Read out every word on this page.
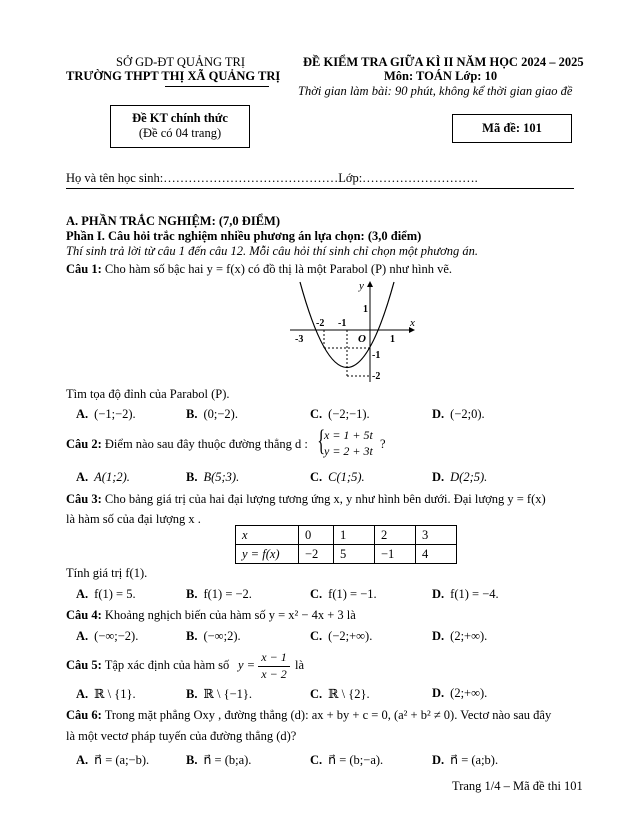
SỞ GD-ĐT QUẢNG TRỊ
TRƯỜNG THPT THỊ XÃ QUẢNG TRỊ
ĐỀ KIỂM TRA GIỮA KÌ II NĂM HỌC 2024 – 2025
Môn: TOÁN Lớp: 10
Thời gian làm bài: 90 phút, không kể thời gian giao đề
Đề KT chính thức
(Đề có 04 trang)	Mã đề: 101
Họ và tên học sinh:……………………………………Lớp:……………………….
A. PHẦN TRẮC NGHIỆM: (7,0 ĐIỂM)
Phần I. Câu hỏi trắc nghiệm nhiều phương án lựa chọn: (3,0 điểm)
Thí sinh trả lời từ câu 1 đến câu 12. Mỗi câu hỏi thí sinh chỉ chọn một phương án.
Câu 1: Cho hàm số bậc hai y = f(x) có đồ thị là một Parabol (P) như hình vẽ.
x
y
O
-2 -1
1
-3	1
-1
-2
Tìm tọa độ đỉnh của Parabol (P).
A. (−1;−2).	B. (0;−2).	C. (−2;−1).	D. (−2;0).
Câu 2: Điểm nào sau đây thuộc đường thẳng d : {
x = 1 + 5t
y = 2 + 3t ?
A. A(1;2).	B. B(5;3).	C. C(1;5).	D. D(2;5).
Câu 3: Cho bảng giá trị của hai đại lượng tương ứng x, y như hình bên dưới. Đại lượng y = f(x)
là hàm số của đại lượng x .
x	0	1	2	3
y = f(x)	−2	5	−1	4
Tính giá trị f(1).
A. f(1) = 5.	B. f(1) = −2.	C. f(1) = −1.	D. f(1) = −4.
Câu 4: Khoảng nghịch biến của hàm số y = x² − 4x + 3 là
A. (−∞;−2).	B. (−∞;2).	C. (−2;+∞).	D. (2;+∞).
Câu 5: Tập xác định của hàm số y =
x − 1
x − 2
là
A. ℝ \ {1}.	B. ℝ \ {−1}.	C. ℝ \ {2}.	D. (2;+∞).
Câu 6: Trong mặt phẳng Oxy , đường thẳng (d): ax + by + c = 0, (a² + b² ≠ 0). Vectơ nào sau đây
là một vectơ pháp tuyến của đường thẳng (d)?
A. n⃗ = (a;−b).	B. n⃗ = (b;a).	C. n⃗ = (b;−a).	D. n⃗ = (a;b).
Trang 1/4 – Mã đề thi 101
